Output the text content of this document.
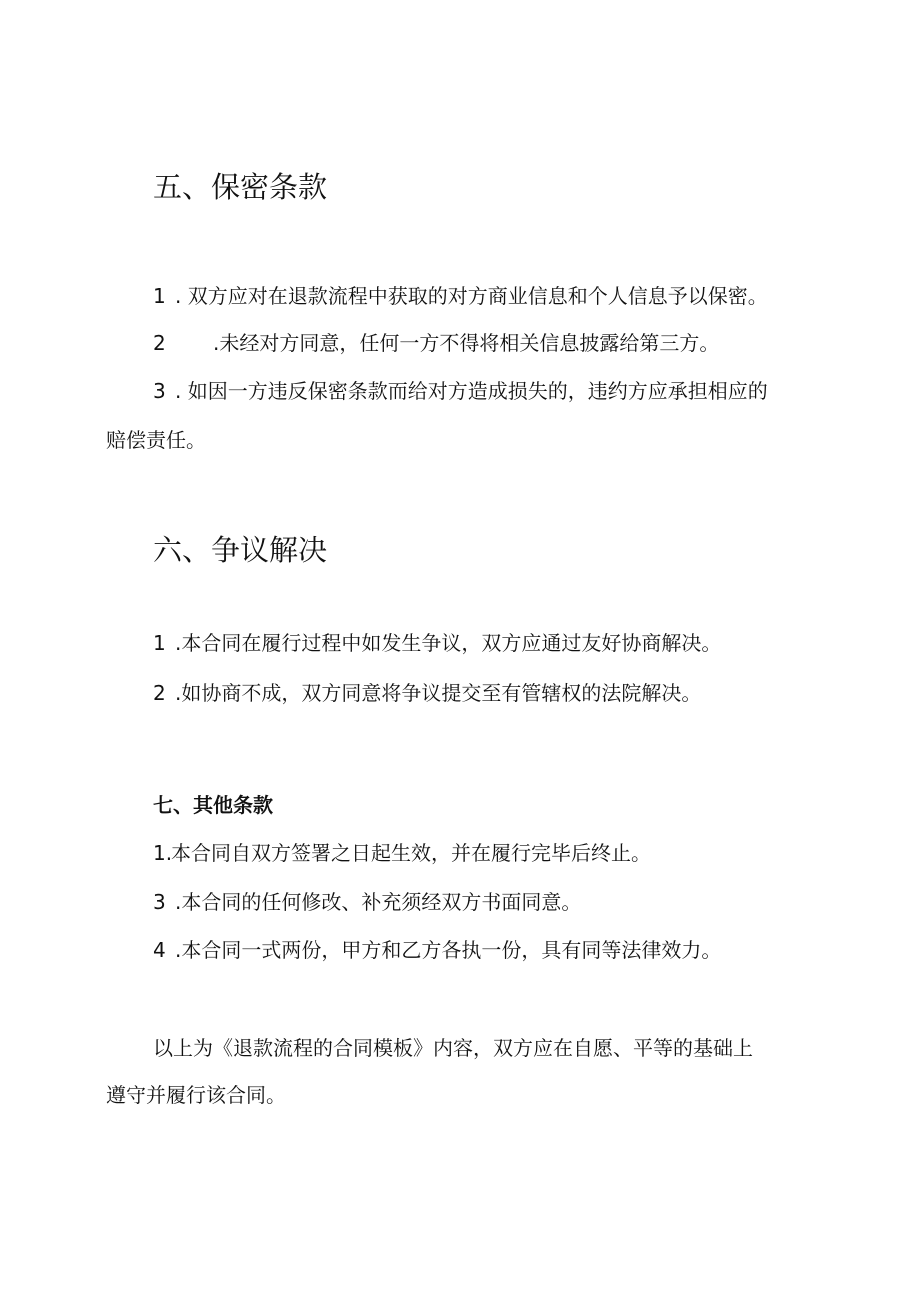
五、保密条款

1 . 双方应对在退款流程中获取的对方商业信息和个人信息予以保密。

2 .未经对方同意，任何一方不得将相关信息披露给第三方。

3 . 如因一方违反保密条款而给对方造成损失的，违约方应承担相应的

赔偿责任。

六、争议解决

1 .本合同在履行过程中如发生争议，双方应通过友好协商解决。

2 .如协商不成，双方同意将争议提交至有管辖权的法院解决。

七、其他条款

1.本合同自双方签署之日起生效，并在履行完毕后终止。

3 .本合同的任何修改、补充须经双方书面同意。

4 .本合同一式两份，甲方和乙方各执一份，具有同等法律效力。

以上为《退款流程的合同模板》内容，双方应在自愿、平等的基础上

遵守并履行该合同。
